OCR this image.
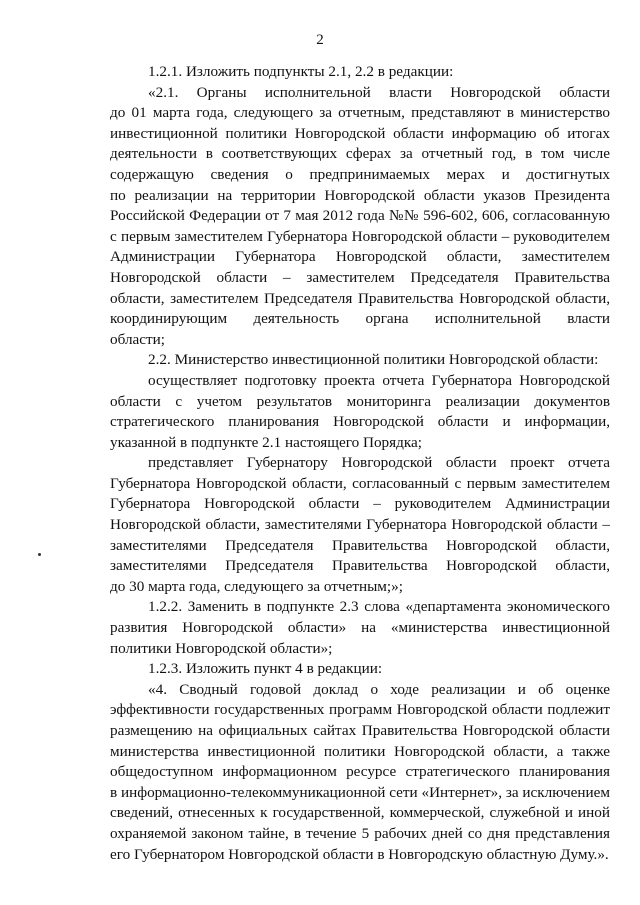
2
1.2.1. Изложить подпункты 2.1, 2.2 в редакции:
«2.1. Органы исполнительной власти Новгородской области
до 01 марта года, следующего за отчетным, представляют в министерство
инвестиционной политики Новгородской области информацию об итогах
деятельности в соответствующих сферах за отчетный год, в том числе
содержащую сведения о предпринимаемых мерах и достигнутых
по реализации на территории Новгородской области указов Президента
Российской Федерации от 7 мая 2012 года №№ 596-602, 606, согласованную
с первым заместителем Губернатора Новгородской области – руководителем
Администрации Губернатора Новгородской области, заместителем
Новгородской области – заместителем Председателя Правительства
области, заместителем Председателя Правительства Новгородской области,
координирующим деятельность органа исполнительной власти
области;
2.2. Министерство инвестиционной политики Новгородской области:
осуществляет подготовку проекта отчета Губернатора Новгородской
области с учетом результатов мониторинга реализации документов
стратегического планирования Новгородской области и информации,
указанной в подпункте 2.1 настоящего Порядка;
представляет Губернатору Новгородской области проект отчета
Губернатора Новгородской области, согласованный с первым заместителем
Губернатора Новгородской области – руководителем Администрации
Новгородской области, заместителями Губернатора Новгородской области –
заместителями Председателя Правительства Новгородской области,
заместителями Председателя Правительства Новгородской области,
до 30 марта года, следующего за отчетным;»;
1.2.2. Заменить в подпункте 2.3 слова «департамента экономического
развития Новгородской области» на «министерства инвестиционной
политики Новгородской области»;
1.2.3. Изложить пункт 4 в редакции:
«4. Сводный годовой доклад о ходе реализации и об оценке
эффективности государственных программ Новгородской области подлежит
размещению на официальных сайтах Правительства Новгородской области
министерства инвестиционной политики Новгородской области, а также
общедоступном информационном ресурсе стратегического планирования
в информационно-телекоммуникационной сети «Интернет», за исключением
сведений, отнесенных к государственной, коммерческой, служебной и иной
охраняемой законом тайне, в течение 5 рабочих дней со дня представления
его Губернатором Новгородской области в Новгородскую областную Думу.».
